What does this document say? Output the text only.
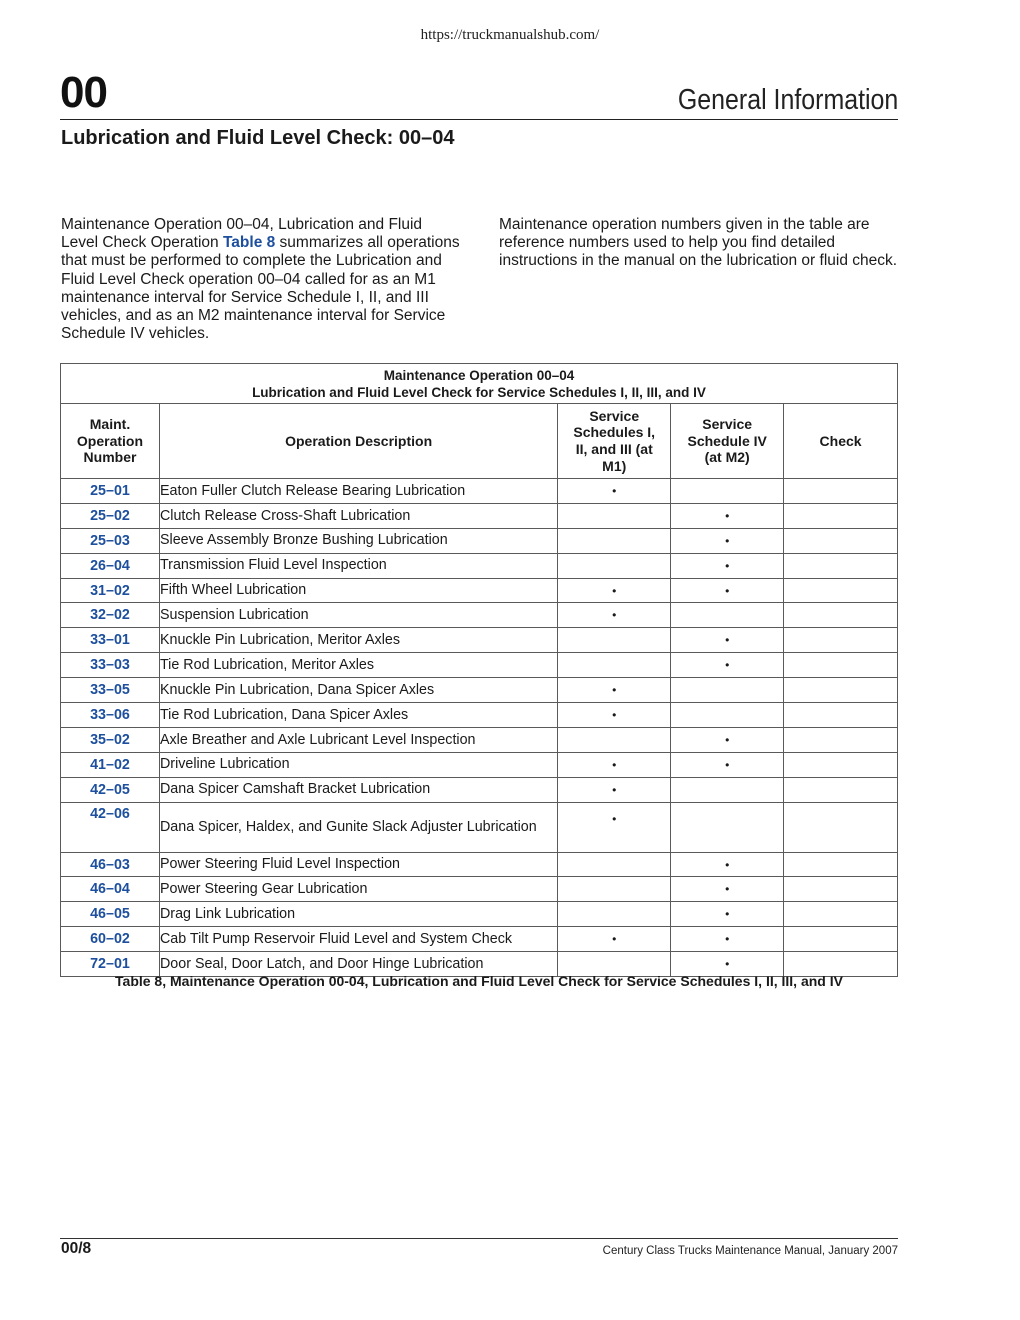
https://truckmanualshub.com/
00	General Information
Lubrication and Fluid Level Check: 00–04
Maintenance Operation 00–04, Lubrication and Fluid Level Check Operation Table 8 summarizes all operations that must be performed to complete the Lubrication and Fluid Level Check operation 00–04 called for as an M1 maintenance interval for Service Schedule I, II, and III vehicles, and as an M2 maintenance interval for Service Schedule IV vehicles.
Maintenance operation numbers given in the table are reference numbers used to help you find detailed instructions in the manual on the lubrication or fluid check.
Maintenance Operation 00–04
Lubrication and Fluid Level Check for Service Schedules I, II, III, and IV				

Maint. Operation Number	Operation Description	Service Schedules I, II, and III (at M1)	Service Schedule IV (at M2)	Check
25–01	Eaton Fuller Clutch Release Bearing Lubrication	•		
25–02	Clutch Release Cross-Shaft Lubrication		•	
25–03	Sleeve Assembly Bronze Bushing Lubrication		•	
26–04	Transmission Fluid Level Inspection		•	
31–02	Fifth Wheel Lubrication	•	•	
32–02	Suspension Lubrication	•		
33–01	Knuckle Pin Lubrication, Meritor Axles		•	
33–03	Tie Rod Lubrication, Meritor Axles		•	
33–05	Knuckle Pin Lubrication, Dana Spicer Axles	•		
33–06	Tie Rod Lubrication, Dana Spicer Axles	•		
35–02	Axle Breather and Axle Lubricant Level Inspection		•	
41–02	Driveline Lubrication	•	•	
42–05	Dana Spicer Camshaft Bracket Lubrication	•		
42–06	Dana Spicer, Haldex, and Gunite Slack Adjuster Lubrication	•		
46–03	Power Steering Fluid Level Inspection		•	
46–04	Power Steering Gear Lubrication		•	
46–05	Drag Link Lubrication		•	
60–02	Cab Tilt Pump Reservoir Fluid Level and System Check	•	•	
72–01	Door Seal, Door Latch, and Door Hinge Lubrication		•	
Table 8, Maintenance Operation 00-04, Lubrication and Fluid Level Check for Service Schedules I, II, III, and IV
00/8	Century Class Trucks Maintenance Manual, January 2007
